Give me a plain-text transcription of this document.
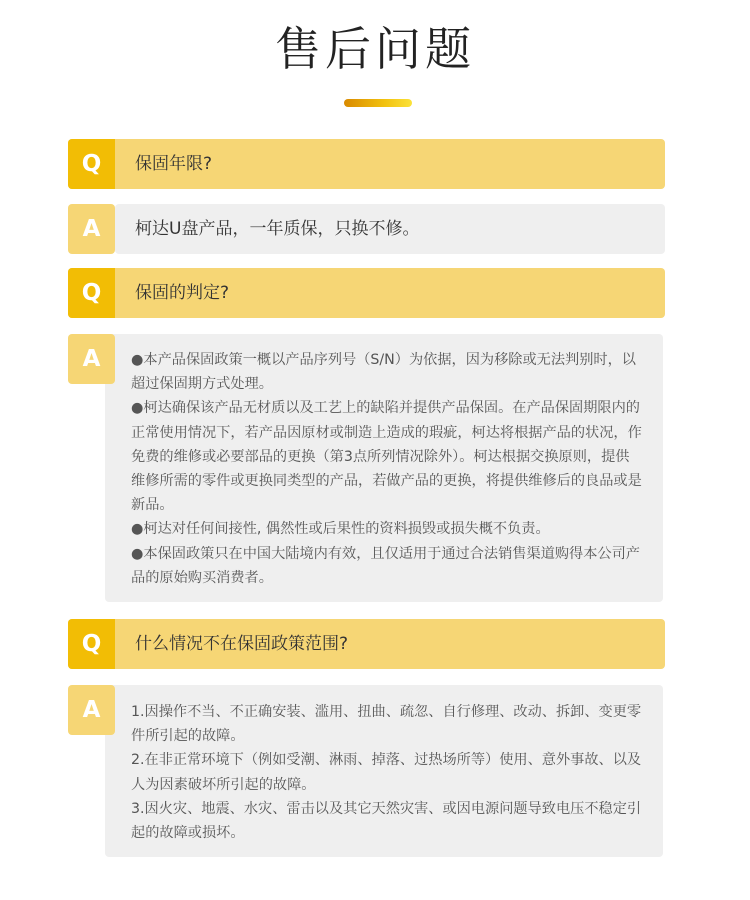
售后问题
Q	保固年限?
A	柯达U盘产品，一年质保，只换不修。
Q	保固的判定?
A	●本产品保固政策一概以产品序列号（S/N）为依据，因为移除或无法判别时，以超过保固期方式处理。

●柯达确保该产品无材质以及工艺上的缺陷并提供产品保固。在产品保固期限内的正常使用情况下，若产品因原材或制造上造成的瑕疵，柯达将根据产品的状况，作免费的维修或必要部品的更换（第3点所列情况除外）。柯达根据交换原则，提供维修所需的零件或更换同类型的产品，若做产品的更换，将提供维修后的良品或是新品。

●柯达对任何间接性, 偶然性或后果性的资料损毁或损失概不负责。

●本保固政策只在中国大陆境内有效，且仅适用于通过合法销售渠道购得本公司产品的原始购买消费者。

Q	什么情况不在保固政策范围?
A	1.因操作不当、不正确安装、滥用、扭曲、疏忽、自行修理、改动、拆卸、变更零件所引起的故障。

2.在非正常环境下（例如受潮、淋雨、掉落、过热场所等）使用、意外事故、以及人为因素破坏所引起的故障。

3.因火灾、地震、水灾、雷击以及其它天然灾害、或因电源问题导致电压不稳定引起的故障或损坏。
